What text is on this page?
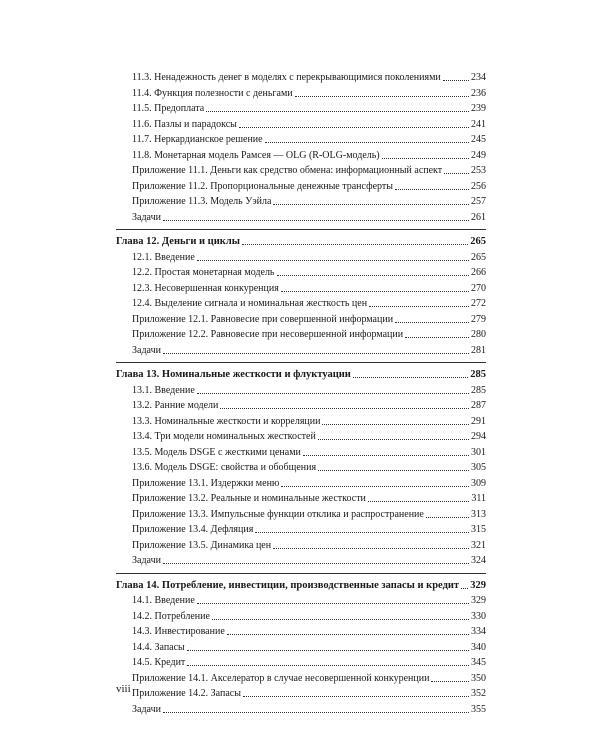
11.3. Ненадежность денег в моделях с перекрывающимися поколениями	234
11.4. Функция полезности с деньгами	236
11.5. Предоплата	239
11.6. Пазлы и парадоксы	241
11.7. Неркардианское решение	245
11.8. Монетарная модель Рамсея — OLG (R-OLG-модель)	249
Приложение 11.1. Деньги как средство обмена: информационный аспект	253
Приложение 11.2. Пропорциональные денежные трансферты	256
Приложение 11.3. Модель Уэйла	257
Задачи	261
Глава 12. Деньги и циклы	265
12.1. Введение	265
12.2. Простая монетарная модель	266
12.3. Несовершенная конкуренция	270
12.4. Выделение сигнала и номинальная жесткость цен	272
Приложение 12.1. Равновесие при совершенной информации	279
Приложение 12.2. Равновесие при несовершенной информации	280
Задачи	281
Глава 13. Номинальные жесткости и флуктуации	285
13.1. Введение	285
13.2. Ранние модели	287
13.3. Номинальные жесткости и корреляции	291
13.4. Три модели номинальных жесткостей	294
13.5. Модель DSGE с жесткими ценами	301
13.6. Модель DSGE: свойства и обобщения	305
Приложение 13.1. Издержки меню	309
Приложение 13.2. Реальные и номинальные жесткости	311
Приложение 13.3. Импульсные функции отклика и распространение	313
Приложение 13.4. Дефляция	315
Приложение 13.5. Динамика цен	321
Задачи	324
Глава 14. Потребление, инвестиции, производственные запасы и кредит 329
14.1. Введение	329
14.2. Потребление	330
14.3. Инвестирование	334
14.4. Запасы	340
14.5. Кредит	345
Приложение 14.1. Акселератор в случае несовершенной конкуренции	350
Приложение 14.2. Запасы	352
Задачи	355
viii
